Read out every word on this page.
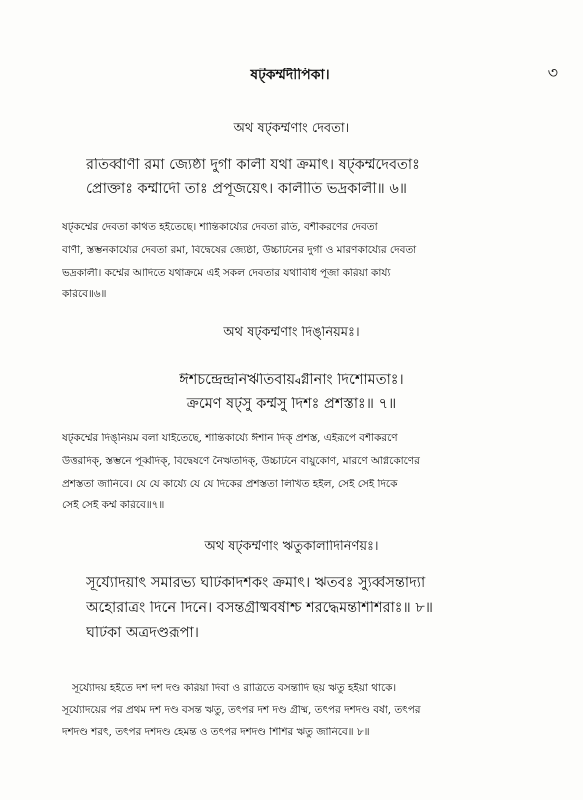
ষট্‌কর্ম্মদীপিকা।	৩
অথ ষট্‌কর্ম্মণাং দেবতা।
রতির্ব্বাণী রমা জ্যেষ্ঠা দুর্গা কালী যথা ক্রমাৎ। ষট্‌কর্ম্মদেবতাঃ
প্রোক্তাঃ কর্ম্মাদৌ তাঃ প্রপূজয়েৎ। কালীতি ভদ্রকালী॥ ৬॥
ষট্‌কর্ম্মের দেবতা কথিত হইতেছে। শান্তিকার্য্যের দেবতা রতি, বশীকরণের দেবতা
বাণী, স্তম্ভনকার্য্যের দেবতা রমা, বিদ্বেষের জ্যেষ্ঠা, উচ্চাটনের দুর্গা ও মারণকার্য্যের দেবতা
ভদ্রকালী। কর্ম্মের আদিতে যথাক্রমে এই সকল দেবতার যথাবিধি পূজা করিয়া কার্য্য
করিবে॥৬॥
অথ ষট্‌কর্ম্মণাং দিঙ্‌নিয়মঃ।
ঈশচন্দ্রেন্দ্রনির্ঋতিবায়্বগ্নীনাং দিশোমতাঃ।
ক্রমেণ ষট্‌সু কর্ম্মসু দিশঃ প্রশস্তাঃ॥ ৭॥
ষট্‌কর্ম্মের দিঙ্‌নিয়ম বলা যাইতেছে, শান্তিকার্য্যে ঈশান দিক্ প্রশস্ত, এইরূপে বশীকরণে
উত্তরদিক্, স্তম্ভনে পূর্ব্বদিক্, বিদ্বেষণে নৈঋতদিক্, উচ্চাটনে বায়ুকোণ, মারণে অগ্নিকোণের
প্রশস্ততা জানিবে। যে যে কার্য্যে যে যে দিকের প্রশস্ততা লিখিত হইল, সেই সেই দিকে
সেই সেই কর্ম্ম করিবে॥৭॥
অথ ষট্‌কর্ম্মণাং ঋতুকালাদিনির্ণয়ঃ।
সূর্য্যোদয়াৎ সমারভ্য ঘটিকাদশকং ক্রমাৎ। ঋতবঃ স্যুর্ব্বসন্তাদ্যা
অহোরাত্রং দিনে দিনে। বসন্তগ্রীষ্মবর্ষাশ্চ শরদ্ধেমন্তশিশিরাঃ॥ ৮॥
ঘটিকা অত্রদণ্ডরূপা।
সূর্য্যোদয় হইতে দশ দশ দণ্ড করিয়া দিবা ও রাত্রিতে বসন্তাদি ছয় ঋতু হইয়া থাকে।
সূর্য্যোদয়ের পর প্রথম দশ দণ্ড বসন্ত ঋতু, তৎপর দশ দণ্ড গ্রীষ্ম, তৎপর দশদণ্ড বর্ষা, তৎপর
দশদণ্ড শরৎ, তৎপর দশদণ্ড হেমন্ত ও তৎপর দশদণ্ড শিশির ঋতু জানিবে॥ ৮॥
